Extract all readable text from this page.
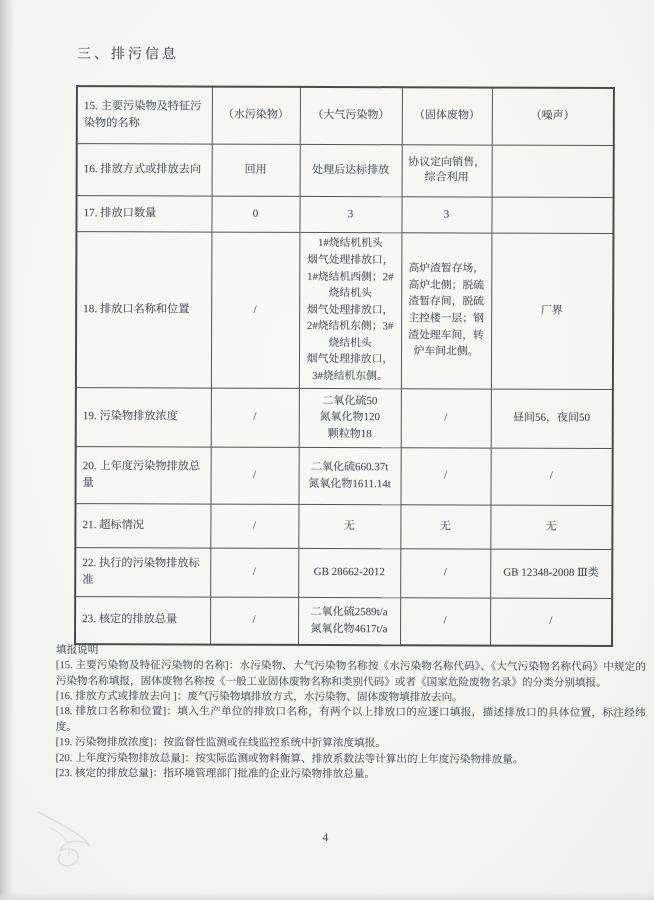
三、排污信息
15. 主要污染物及特征污染物的名称	（水污染物）	（大气污染物）	（固体废物）	（噪声）
16. 排放方式或排放去向	回用	处理后达标排放	协议定向销售，
综合利用	
17. 排放口数量	0	3	3	
18. 排放口名称和位置	/	1#烧结机机头
烟气处理排放口，
1#烧结机西侧；2#
烧结机头
烟气处理排放口，
2#烧结机东侧；3#
烧结机头
烟气处理排放口，
3#烧结机东侧。	高炉渣暂存场，
高炉北侧；脱硫
渣暂存间，脱硫
主控楼一层；钢
渣处理车间，转
炉车间北侧。	厂界
19. 污染物排放浓度	/	二氧化硫50
氮氧化物120
颗粒物18	/	昼间56，夜间50
20. 上年度污染物排放总量	/	二氧化硫660.37t
氮氧化物1611.14t	/	/
21. 超标情况	/	无	无	无
22. 执行的污染物排放标准	/	GB 28662-2012	/	GB 12348-2008 Ⅲ类
23. 核定的排放总量	/	二氧化硫2589t/a
氮氧化物4617t/a	/	/

填报说明

[15. 主要污染物及特征污染物的名称]：水污染物、大气污染物名称按《水污染物名称代码》、《大气污染物名称代码》中规定的污染物名称填报，固体废物名称按《一般工业固体废物名称和类别代码》或者《国家危险废物名录》的分类分别填报。

[16. 排放方式或排放去向 ]：废气污染物填排放方式，水污染物、固体废物填排放去向。

[18. 排放口名称和位置]：填入生产单位的排放口名称，有两个以上排放口的应逐口填报，描述排放口的具体位置，标注经纬度。

[19. 污染物排放浓度]：按监督性监测或在线监控系统中折算浓度填报。

[20. 上年度污染物排放总量]：按实际监测或物料衡算、排放系数法等计算出的上年度污染物排放量。

[23. 核定的排放总量]：指环境管理部门批准的企业污染物排放总量。

4
